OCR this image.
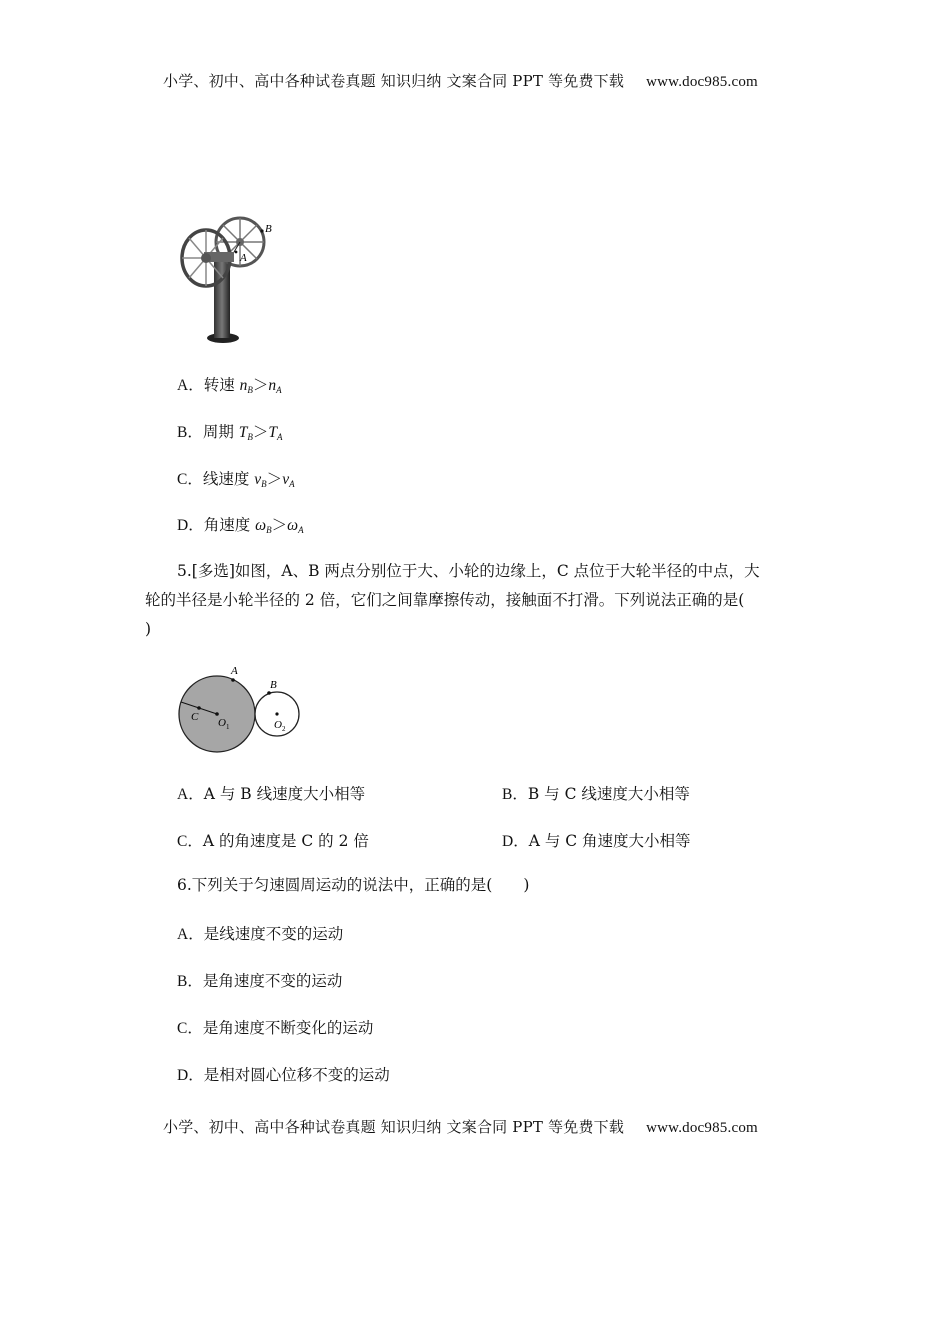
小学、初中、高中各种试卷真题 知识归纳 文案合同 PPT 等免费下载 www.doc985.com
B
A
A．转速 $n_B>n_A$
B．周期 $T_B>T_A$
C．线速度 $v_B>v_A$
D．角速度 $\omega_B>\omega_A$

5.[多选]如图，A、B 两点分别位于大、小轮的边缘上，C 点位于大轮半径的中点，大

轮的半径是小轮半径的 2 倍，它们之间靠摩擦传动，接触面不打滑。下列说法正确的是(

)

A
B
C $O_1$	$O_2$
A．A 与 B 线速度大小相等	B．B 与 C 线速度大小相等
C．A 的角速度是 C 的 2 倍	D．A 与 C 角速度大小相等
6.下列关于匀速圆周运动的说法中，正确的是(　　)
A．是线速度不变的运动
B．是角速度不变的运动
C．是角速度不断变化的运动
D．是相对圆心位移不变的运动
小学、初中、高中各种试卷真题 知识归纳 文案合同 PPT 等免费下载 www.doc985.com
